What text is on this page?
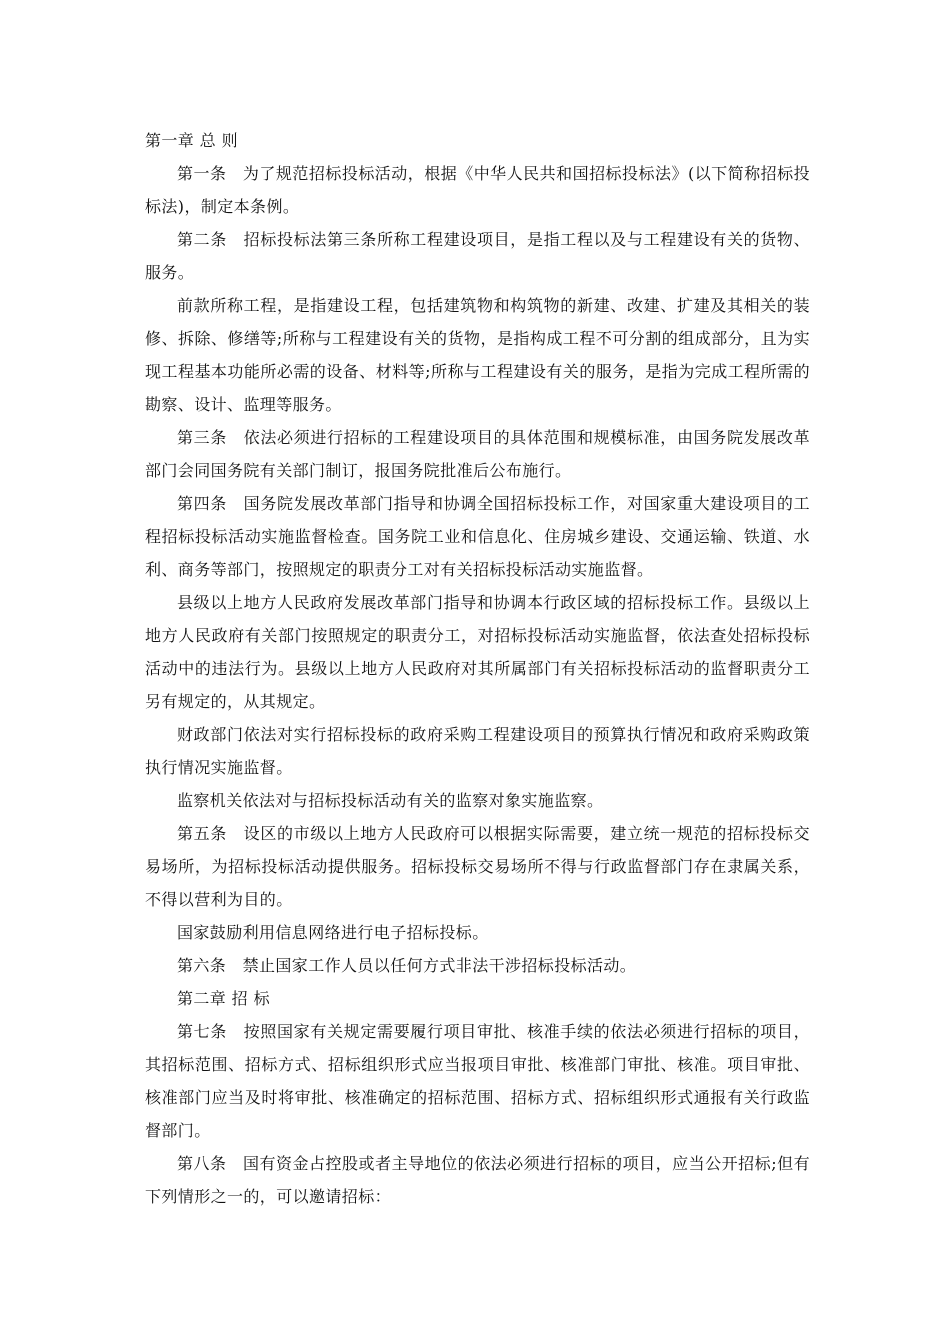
第一章 总 则

第一条　为了规范招标投标活动，根据《中华人民共和国招标投标法》(以下简称招标投标法)，制定本条例。

第二条　招标投标法第三条所称工程建设项目，是指工程以及与工程建设有关的货物、服务。

前款所称工程，是指建设工程，包括建筑物和构筑物的新建、改建、扩建及其相关的装修、拆除、修缮等;所称与工程建设有关的货物，是指构成工程不可分割的组成部分，且为实现工程基本功能所必需的设备、材料等;所称与工程建设有关的服务，是指为完成工程所需的勘察、设计、监理等服务。

第三条　依法必须进行招标的工程建设项目的具体范围和规模标准，由国务院发展改革部门会同国务院有关部门制订，报国务院批准后公布施行。

第四条　国务院发展改革部门指导和协调全国招标投标工作，对国家重大建设项目的工程招标投标活动实施监督检查。国务院工业和信息化、住房城乡建设、交通运输、铁道、水利、商务等部门，按照规定的职责分工对有关招标投标活动实施监督。

县级以上地方人民政府发展改革部门指导和协调本行政区域的招标投标工作。县级以上地方人民政府有关部门按照规定的职责分工，对招标投标活动实施监督，依法查处招标投标活动中的违法行为。县级以上地方人民政府对其所属部门有关招标投标活动的监督职责分工另有规定的，从其规定。

财政部门依法对实行招标投标的政府采购工程建设项目的预算执行情况和政府采购政策执行情况实施监督。

监察机关依法对与招标投标活动有关的监察对象实施监察。

第五条　设区的市级以上地方人民政府可以根据实际需要，建立统一规范的招标投标交易场所，为招标投标活动提供服务。招标投标交易场所不得与行政监督部门存在隶属关系，不得以营利为目的。

国家鼓励利用信息网络进行电子招标投标。

第六条　禁止国家工作人员以任何方式非法干涉招标投标活动。

第二章 招 标

第七条　按照国家有关规定需要履行项目审批、核准手续的依法必须进行招标的项目，其招标范围、招标方式、招标组织形式应当报项目审批、核准部门审批、核准。项目审批、核准部门应当及时将审批、核准确定的招标范围、招标方式、招标组织形式通报有关行政监督部门。

第八条　国有资金占控股或者主导地位的依法必须进行招标的项目，应当公开招标;但有下列情形之一的，可以邀请招标：
